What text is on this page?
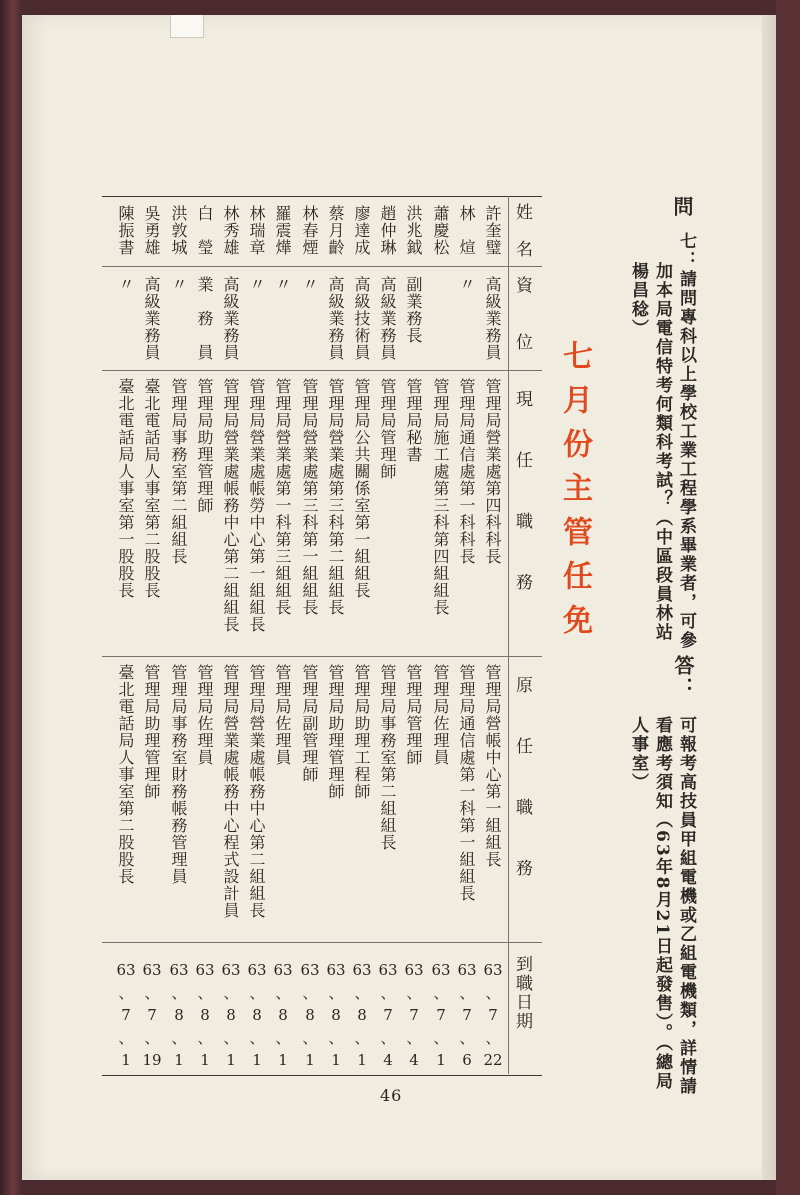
問
七：請問專科以上學校工業工程學系畢業者，可參
加本局電信特考何類科考試？（中區段員林站
楊昌稔）
答：
可報考高技員甲組電機或乙組電機類，詳情請
看應考須知（63年8月21日起發售）。（總局
人事室）
七月份主管任免
姓名
資位
現任職務
原任職務
到職日期
許奎璧
高級業務員
管理局營業處第四科科長
管理局營帳中心第一組組長
63
、
7
、
22
林　煊
〃
管理局通信處第一科科長
管理局通信處第一科第一組組長
63
、
7
、
6
蕭慶松
管理局施工處第三科第四組組長
管理局佐理員
63
、
7
、
1
洪兆鉞
副業務長
管理局秘書
管理局管理師
63
、
7
、
4
趙仲琳
高級業務員
管理局管理師
管理局事務室第二組組長
63
、
7
、
4
廖達成
高級技術員
管理局公共關係室第一組組長
管理局助理工程師
63
、
8
、
1
蔡月齡
高級業務員
管理局營業處第三科第二組組長
管理局助理管理師
63
、
8
、
1
林春煙
〃
管理局營業處第三科第一組組長
管理局副管理師
63
、
8
、
1
羅震燁
〃
管理局營業處第一科第三組組長
管理局佐理員
63
、
8
、
1
林瑞章
〃
管理局營業處帳勞中心第一組組長
管理局營業處帳務中心第二組組長
63
、
8
、
1
林秀雄
高級業務員
管理局營業處帳務中心第二組組長
管理局營業處帳務中心程式設計員
63
、
8
、
1
白　瑩
業　務　員
管理局助理管理師
管理局佐理員
63
、
8
、
1
洪敦城
〃
管理局事務室第二組組長
管理局事務室財務帳務管理員
63
、
8
、
1
吳勇雄
高級業務員
臺北電話局人事室第二股股長
管理局助理管理師
63
、
7
、
19
陳振書
〃
臺北電話局人事室第一股股長
臺北電話局人事室第二股股長
63
、
7
、
1
46
